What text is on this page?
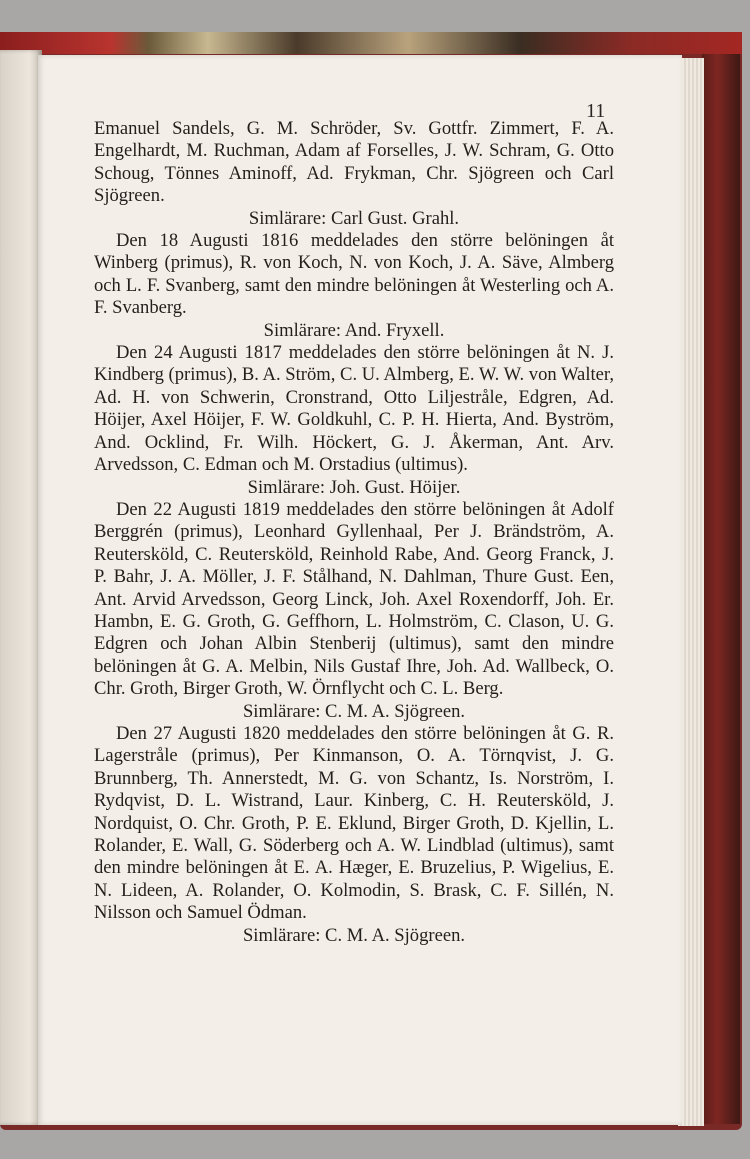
11

Emanuel Sandels, G. M. Schröder, Sv. Gottfr. Zimmert, F. A. Engelhardt, M. Ruchman, Adam af Forselles, J. W. Schram, G. Otto Schoug, Tönnes Aminoff, Ad. Frykman, Chr. Sjögreen och Carl Sjögreen.

Simlärare: Carl Gust. Grahl.

Den 18 Augusti 1816 meddelades den större belöningen åt Winberg (primus), R. von Koch, N. von Koch, J. A. Säve, Almberg och L. F. Svanberg, samt den mindre belöningen åt Westerling och A. F. Svanberg.

Simlärare: And. Fryxell.

Den 24 Augusti 1817 meddelades den större belöningen åt N. J. Kindberg (primus), B. A. Ström, C. U. Almberg, E. W. W. von Walter, Ad. H. von Schwerin, Cronstrand, Otto Liljestråle, Edgren, Ad. Höijer, Axel Höijer, F. W. Goldkuhl, C. P. H. Hierta, And. Byström, And. Ocklind, Fr. Wilh. Höckert, G. J. Åkerman, Ant. Arv. Arvedsson, C. Edman och M. Orstadius (ultimus).

Simlärare: Joh. Gust. Höijer.

Den 22 Augusti 1819 meddelades den större belöningen åt Adolf Berggrén (primus), Leonhard Gyllenhaal, Per J. Brändström, A. Reutersköld, C. Reutersköld, Reinhold Rabe, And. Georg Franck, J. P. Bahr, J. A. Möller, J. F. Stålhand, N. Dahlman, Thure Gust. Een, Ant. Arvid Arvedsson, Georg Linck, Joh. Axel Roxendorff, Joh. Er. Hambn, E. G. Groth, G. Geffhorn, L. Holmström, C. Clason, U. G. Edgren och Johan Albin Stenberij (ultimus), samt den mindre belöningen åt G. A. Melbin, Nils Gustaf Ihre, Joh. Ad. Wallbeck, O. Chr. Groth, Birger Groth, W. Örnflycht och C. L. Berg.

Simlärare: C. M. A. Sjögreen.

Den 27 Augusti 1820 meddelades den större belöningen åt G. R. Lagerstråle (primus), Per Kinmanson, O. A. Törnqvist, J. G. Brunnberg, Th. Annerstedt, M. G. von Schantz, Is. Norström, I. Rydqvist, D. L. Wistrand, Laur. Kinberg, C. H. Reutersköld, J. Nordquist, O. Chr. Groth, P. E. Eklund, Birger Groth, D. Kjellin, L. Rolander, E. Wall, G. Söderberg och A. W. Lindblad (ultimus), samt den mindre belöningen åt E. A. Hæger, E. Bruzelius, P. Wigelius, E. N. Lideen, A. Rolander, O. Kolmodin, S. Brask, C. F. Sillén, N. Nilsson och Samuel Ödman.

Simlärare: C. M. A. Sjögreen.
